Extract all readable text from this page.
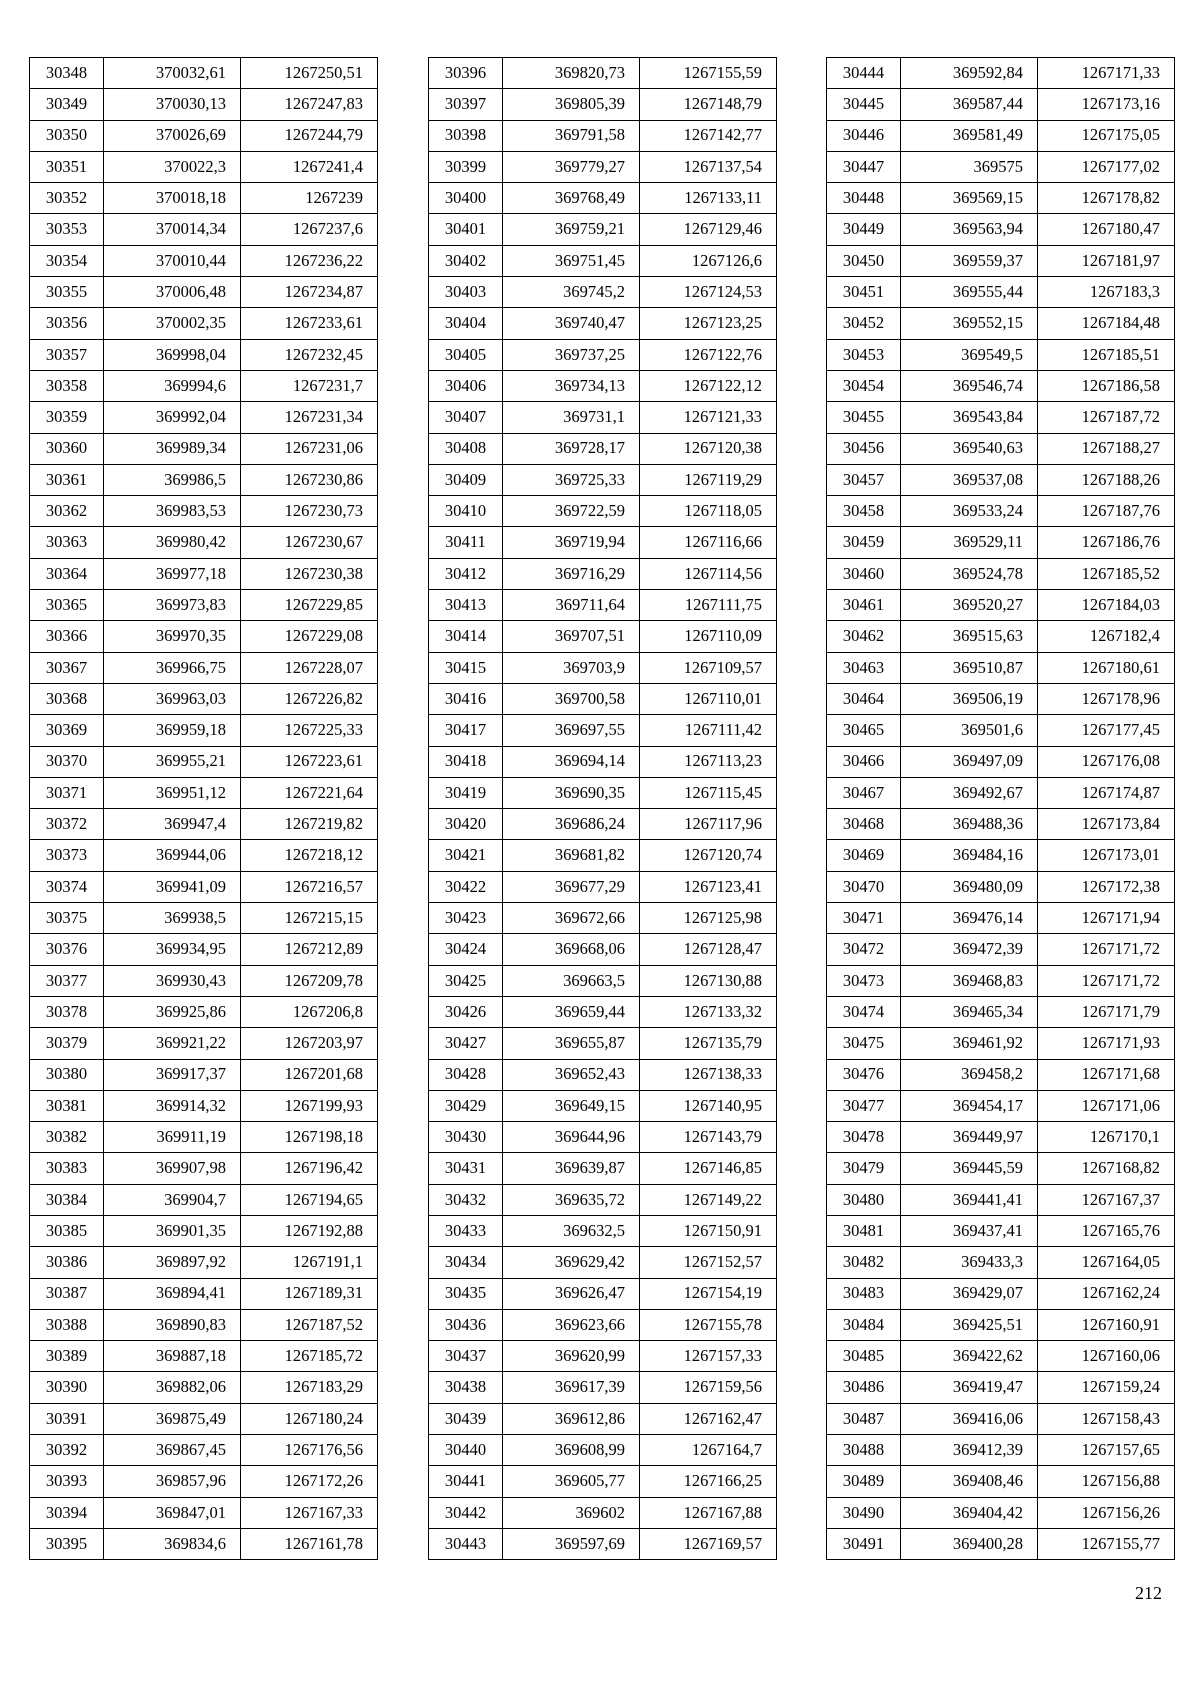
30348	370032,61	1267250,51
30349	370030,13	1267247,83
30350	370026,69	1267244,79
30351	370022,3	1267241,4
30352	370018,18	1267239
30353	370014,34	1267237,6
30354	370010,44	1267236,22
30355	370006,48	1267234,87
30356	370002,35	1267233,61
30357	369998,04	1267232,45
30358	369994,6	1267231,7
30359	369992,04	1267231,34
30360	369989,34	1267231,06
30361	369986,5	1267230,86
30362	369983,53	1267230,73
30363	369980,42	1267230,67
30364	369977,18	1267230,38
30365	369973,83	1267229,85
30366	369970,35	1267229,08
30367	369966,75	1267228,07
30368	369963,03	1267226,82
30369	369959,18	1267225,33
30370	369955,21	1267223,61
30371	369951,12	1267221,64
30372	369947,4	1267219,82
30373	369944,06	1267218,12
30374	369941,09	1267216,57
30375	369938,5	1267215,15
30376	369934,95	1267212,89
30377	369930,43	1267209,78
30378	369925,86	1267206,8
30379	369921,22	1267203,97
30380	369917,37	1267201,68
30381	369914,32	1267199,93
30382	369911,19	1267198,18
30383	369907,98	1267196,42
30384	369904,7	1267194,65
30385	369901,35	1267192,88
30386	369897,92	1267191,1
30387	369894,41	1267189,31
30388	369890,83	1267187,52
30389	369887,18	1267185,72
30390	369882,06	1267183,29
30391	369875,49	1267180,24
30392	369867,45	1267176,56
30393	369857,96	1267172,26
30394	369847,01	1267167,33
30395	369834,6	1267161,78
30396	369820,73	1267155,59
30397	369805,39	1267148,79
30398	369791,58	1267142,77
30399	369779,27	1267137,54
30400	369768,49	1267133,11
30401	369759,21	1267129,46
30402	369751,45	1267126,6
30403	369745,2	1267124,53
30404	369740,47	1267123,25
30405	369737,25	1267122,76
30406	369734,13	1267122,12
30407	369731,1	1267121,33
30408	369728,17	1267120,38
30409	369725,33	1267119,29
30410	369722,59	1267118,05
30411	369719,94	1267116,66
30412	369716,29	1267114,56
30413	369711,64	1267111,75
30414	369707,51	1267110,09
30415	369703,9	1267109,57
30416	369700,58	1267110,01
30417	369697,55	1267111,42
30418	369694,14	1267113,23
30419	369690,35	1267115,45
30420	369686,24	1267117,96
30421	369681,82	1267120,74
30422	369677,29	1267123,41
30423	369672,66	1267125,98
30424	369668,06	1267128,47
30425	369663,5	1267130,88
30426	369659,44	1267133,32
30427	369655,87	1267135,79
30428	369652,43	1267138,33
30429	369649,15	1267140,95
30430	369644,96	1267143,79
30431	369639,87	1267146,85
30432	369635,72	1267149,22
30433	369632,5	1267150,91
30434	369629,42	1267152,57
30435	369626,47	1267154,19
30436	369623,66	1267155,78
30437	369620,99	1267157,33
30438	369617,39	1267159,56
30439	369612,86	1267162,47
30440	369608,99	1267164,7
30441	369605,77	1267166,25
30442	369602	1267167,88
30443	369597,69	1267169,57
30444	369592,84	1267171,33
30445	369587,44	1267173,16
30446	369581,49	1267175,05
30447	369575	1267177,02
30448	369569,15	1267178,82
30449	369563,94	1267180,47
30450	369559,37	1267181,97
30451	369555,44	1267183,3
30452	369552,15	1267184,48
30453	369549,5	1267185,51
30454	369546,74	1267186,58
30455	369543,84	1267187,72
30456	369540,63	1267188,27
30457	369537,08	1267188,26
30458	369533,24	1267187,76
30459	369529,11	1267186,76
30460	369524,78	1267185,52
30461	369520,27	1267184,03
30462	369515,63	1267182,4
30463	369510,87	1267180,61
30464	369506,19	1267178,96
30465	369501,6	1267177,45
30466	369497,09	1267176,08
30467	369492,67	1267174,87
30468	369488,36	1267173,84
30469	369484,16	1267173,01
30470	369480,09	1267172,38
30471	369476,14	1267171,94
30472	369472,39	1267171,72
30473	369468,83	1267171,72
30474	369465,34	1267171,79
30475	369461,92	1267171,93
30476	369458,2	1267171,68
30477	369454,17	1267171,06
30478	369449,97	1267170,1
30479	369445,59	1267168,82
30480	369441,41	1267167,37
30481	369437,41	1267165,76
30482	369433,3	1267164,05
30483	369429,07	1267162,24
30484	369425,51	1267160,91
30485	369422,62	1267160,06
30486	369419,47	1267159,24
30487	369416,06	1267158,43
30488	369412,39	1267157,65
30489	369408,46	1267156,88
30490	369404,42	1267156,26
30491	369400,28	1267155,77
212
